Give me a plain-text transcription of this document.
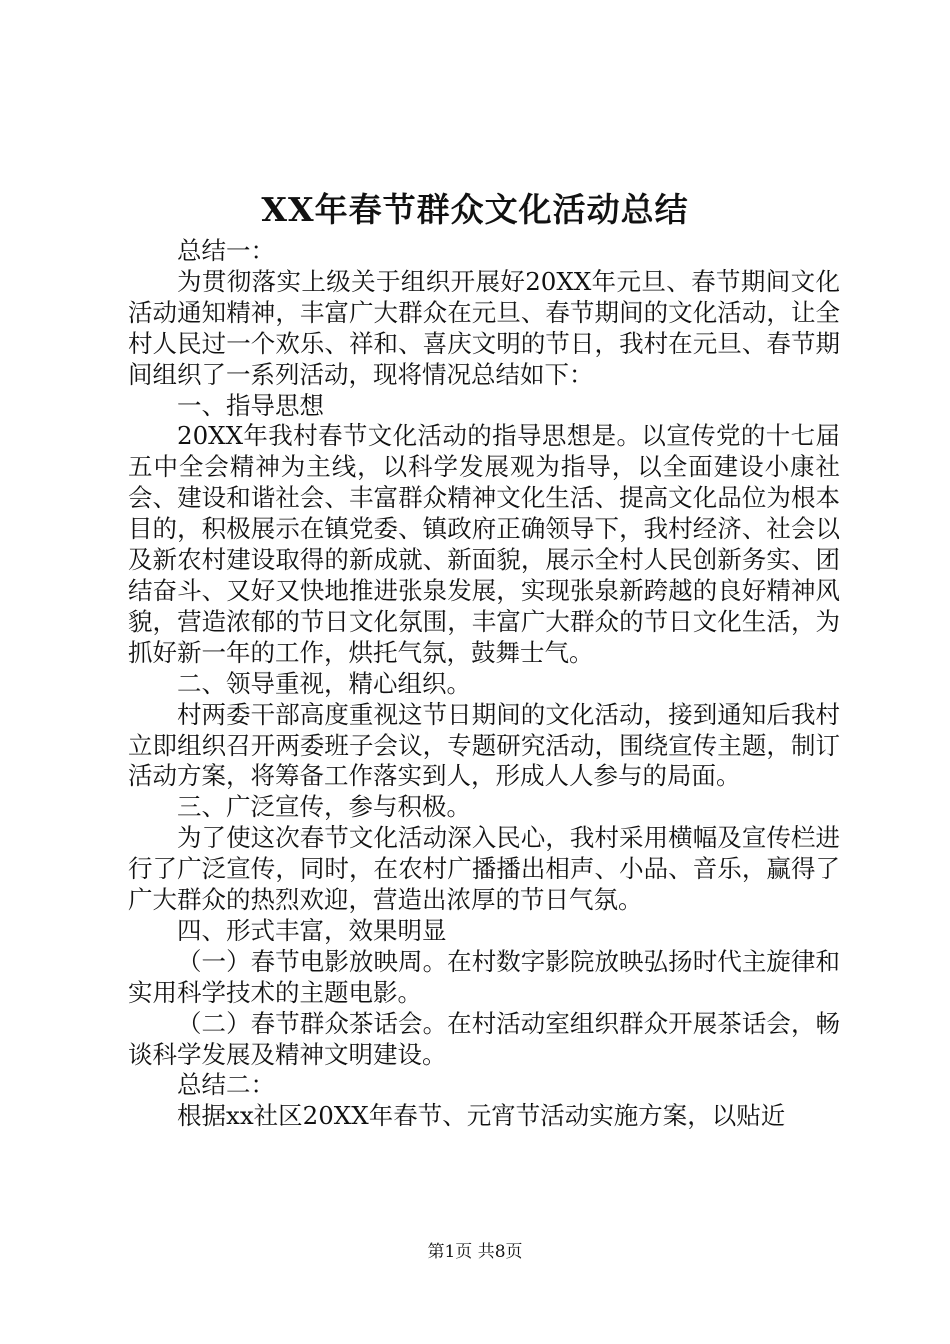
XX年春节群众文化活动总结

总结一：

为贯彻落实上级关于组织开展好20XX年元旦、春节期间文化活动通知精神，丰富广大群众在元旦、春节期间的文化活动，让全村人民过一个欢乐、祥和、喜庆文明的节日，我村在元旦、春节期间组织了一系列活动，现将情况总结如下：

一、指导思想

20XX年我村春节文化活动的指导思想是。以宣传党的十七届五中全会精神为主线，以科学发展观为指导，以全面建设小康社会、建设和谐社会、丰富群众精神文化生活、提高文化品位为根本目的，积极展示在镇党委、镇政府正确领导下，我村经济、社会以及新农村建设取得的新成就、新面貌，展示全村人民创新务实、团结奋斗、又好又快地推进张泉发展，实现张泉新跨越的良好精神风貌，营造浓郁的节日文化氛围，丰富广大群众的节日文化生活，为抓好新一年的工作，烘托气氛，鼓舞士气。

二、领导重视，精心组织。

村两委干部高度重视这节日期间的文化活动，接到通知后我村立即组织召开两委班子会议，专题研究活动，围绕宣传主题，制订活动方案，将筹备工作落实到人，形成人人参与的局面。

三、广泛宣传，参与积极。

为了使这次春节文化活动深入民心，我村采用横幅及宣传栏进行了广泛宣传，同时，在农村广播播出相声、小品、音乐，赢得了广大群众的热烈欢迎，营造出浓厚的节日气氛。

四、形式丰富，效果明显

（一）春节电影放映周。在村数字影院放映弘扬时代主旋律和实用科学技术的主题电影。

（二）春节群众茶话会。在村活动室组织群众开展茶话会，畅谈科学发展及精神文明建设。

总结二：

根据xx社区20XX年春节、元宵节活动实施方案，以贴近

第1页 共8页
